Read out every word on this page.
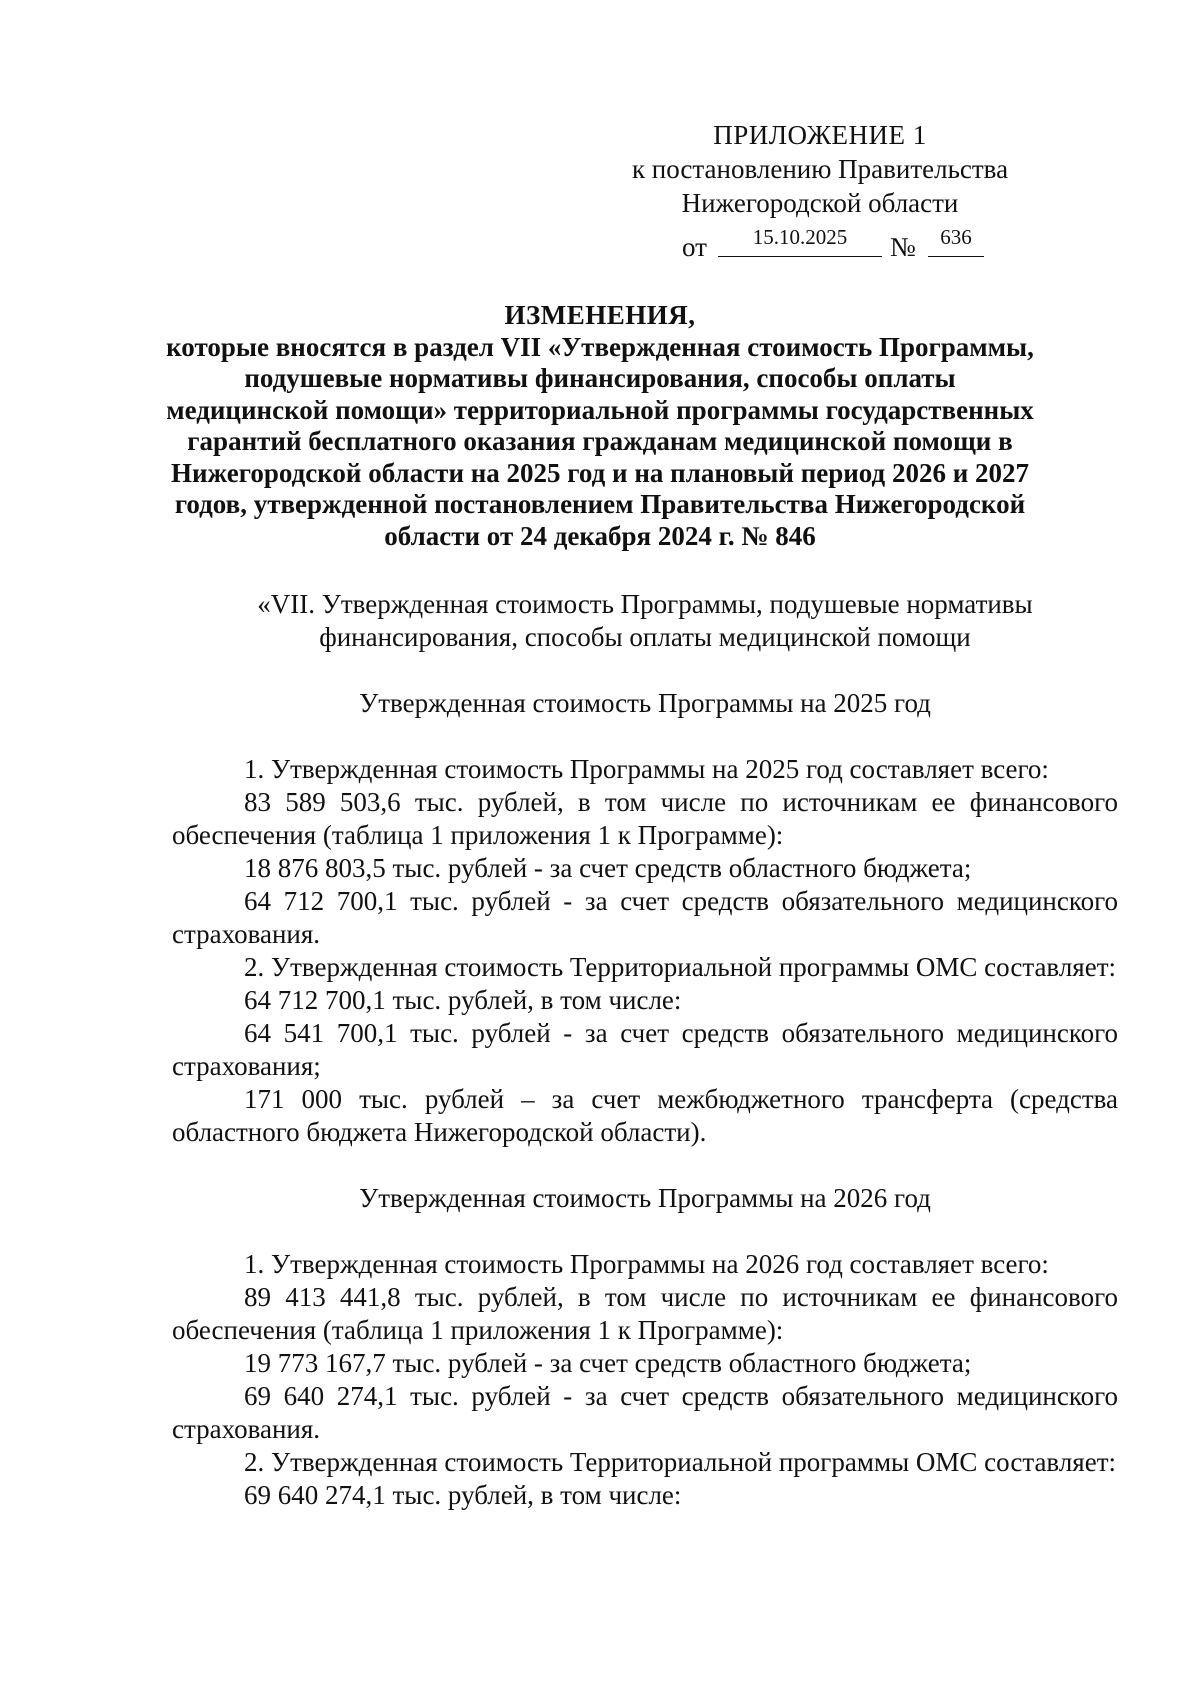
ПРИЛОЖЕНИЕ 1
к постановлению Правительства
Нижегородской области
от	15.10.2025	№	636
ИЗМЕНЕНИЯ,
которые вносятся в раздел VII «Утвержденная стоимость Программы, подушевые нормативы финансирования, способы оплаты медицинской помощи» территориальной программы государственных гарантий бесплатного оказания гражданам медицинской помощи в Нижегородской области на 2025 год и на плановый период 2026 и 2027 годов, утвержденной постановлением Правительства Нижегородской области от 24 декабря 2024 г. № 846

«VII. Утвержденная стоимость Программы, подушевые нормативы финансирования, способы оплаты медицинской помощи

Утвержденная стоимость Программы на 2025 год

1. Утвержденная стоимость Программы на 2025 год составляет всего:

83 589 503,6 тыс. рублей, в том числе по источникам ее финансового обеспечения (таблица 1 приложения 1 к Программе):

18 876 803,5 тыс. рублей - за счет средств областного бюджета;

64 712 700,1 тыс. рублей - за счет средств обязательного медицинского страхования.

2. Утвержденная стоимость Территориальной программы ОМС составляет:

64 712 700,1 тыс. рублей, в том числе:

64 541 700,1 тыс. рублей - за счет средств обязательного медицинского страхования;

171 000 тыс. рублей – за счет межбюджетного трансферта (средства областного бюджета Нижегородской области).

Утвержденная стоимость Программы на 2026 год

1. Утвержденная стоимость Программы на 2026 год составляет всего:

89 413 441,8 тыс. рублей, в том числе по источникам ее финансового обеспечения (таблица 1 приложения 1 к Программе):

19 773 167,7 тыс. рублей - за счет средств областного бюджета;

69 640 274,1 тыс. рублей - за счет средств обязательного медицинского страхования.

2. Утвержденная стоимость Территориальной программы ОМС составляет:

69 640 274,1 тыс. рублей, в том числе:
